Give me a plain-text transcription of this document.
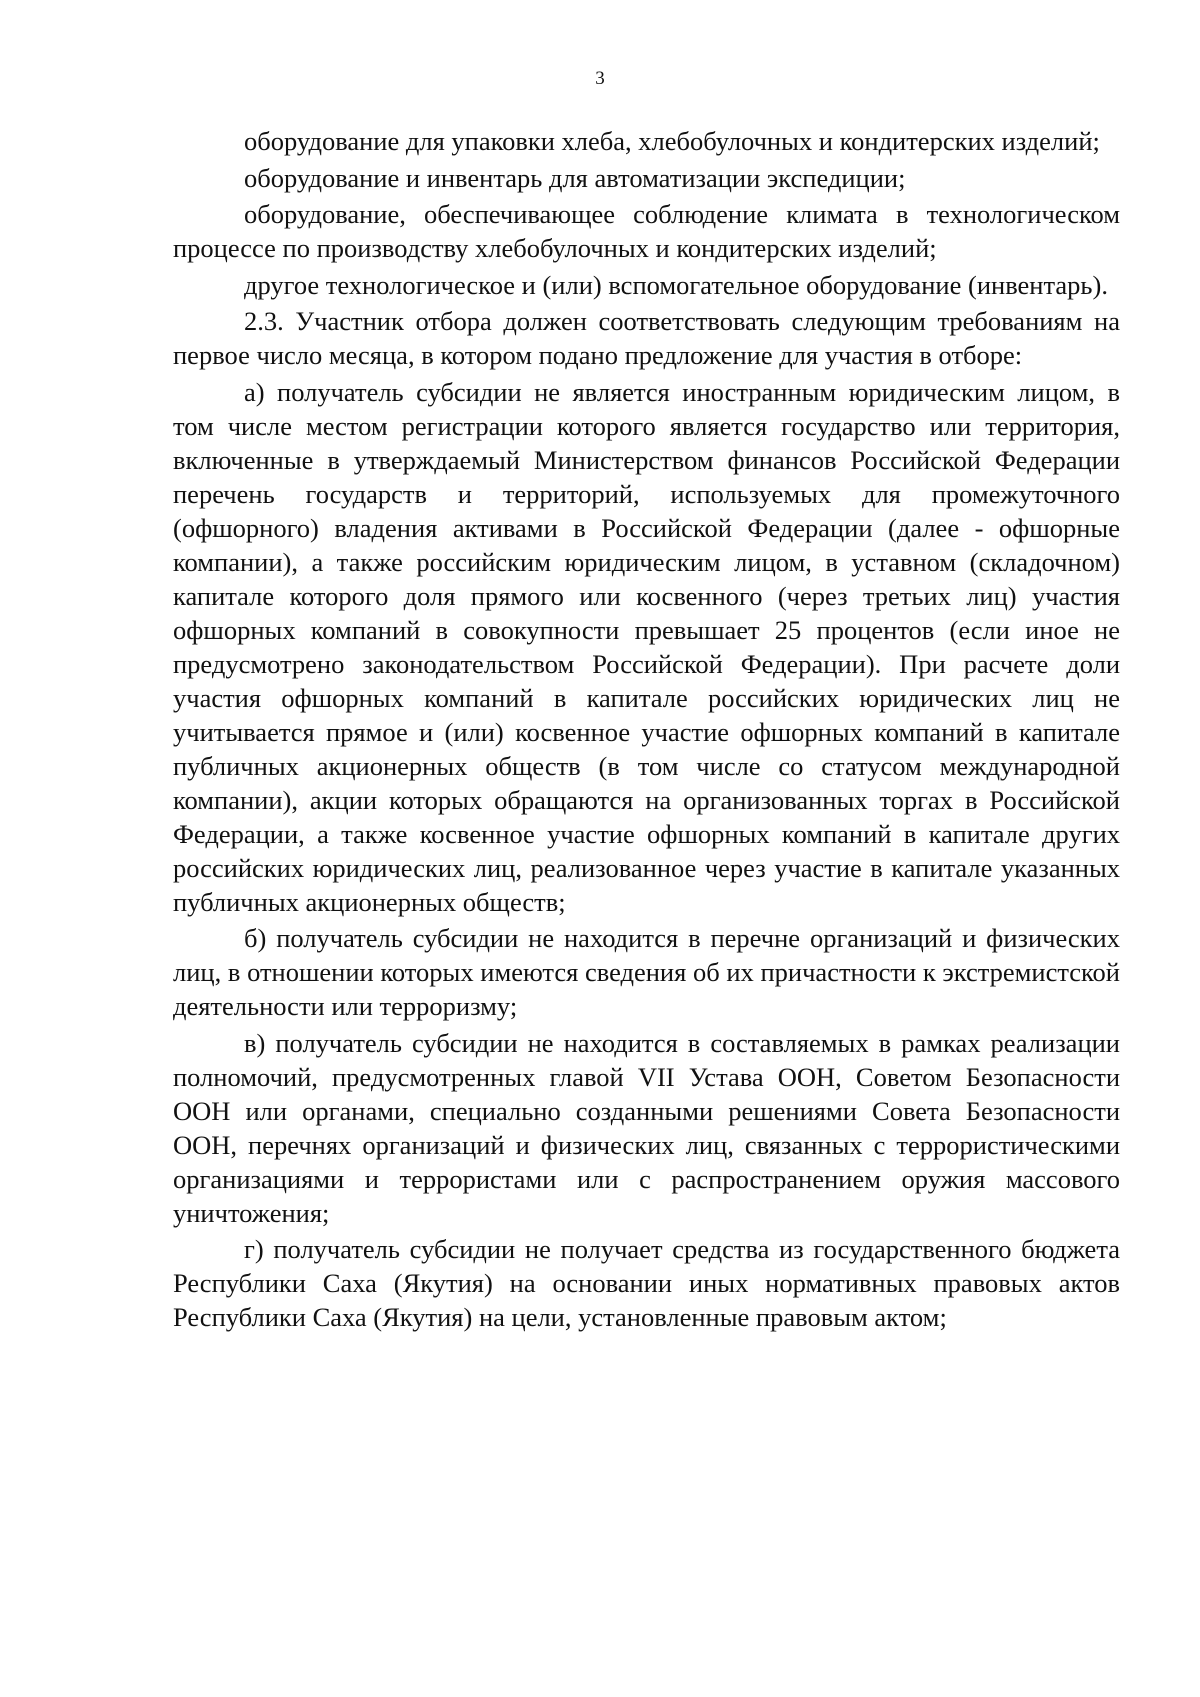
3

оборудование для упаковки хлеба, хлебобулочных и кондитерских изделий;

оборудование и инвентарь для автоматизации экспедиции;

оборудование, обеспечивающее соблюдение климата в технологическом процессе по производству хлебобулочных и кондитерских изделий;

другое технологическое и (или) вспомогательное оборудование (инвентарь).

2.3. Участник отбора должен соответствовать следующим требованиям на первое число месяца, в котором подано предложение для участия в отборе:

а) получатель субсидии не является иностранным юридическим лицом, в том числе местом регистрации которого является государство или территория, включенные в утверждаемый Министерством финансов Российской Федерации перечень государств и территорий, используемых для промежуточного (офшорного) владения активами в Российской Федерации (далее - офшорные компании), а также российским юридическим лицом, в уставном (складочном) капитале которого доля прямого или косвенного (через третьих лиц) участия офшорных компаний в совокупности превышает 25 процентов (если иное не предусмотрено законодательством Российской Федерации). При расчете доли участия офшорных компаний в капитале российских юридических лиц не учитывается прямое и (или) косвенное участие офшорных компаний в капитале публичных акционерных обществ (в том числе со статусом международной компании), акции которых обращаются на организованных торгах в Российской Федерации, а также косвенное участие офшорных компаний в капитале других российских юридических лиц, реализованное через участие в капитале указанных публичных акционерных обществ;

б) получатель субсидии не находится в перечне организаций и физических лиц, в отношении которых имеются сведения об их причастности к экстремистской деятельности или терроризму;

в) получатель субсидии не находится в составляемых в рамках реализации полномочий, предусмотренных главой VII Устава ООН, Советом Безопасности ООН или органами, специально созданными решениями Совета Безопасности ООН, перечнях организаций и физических лиц, связанных с террористическими организациями и террористами или с распространением оружия массового уничтожения;

г) получатель субсидии не получает средства из государственного бюджета Республики Саха (Якутия) на основании иных нормативных правовых актов Республики Саха (Якутия) на цели, установленные правовым актом;
